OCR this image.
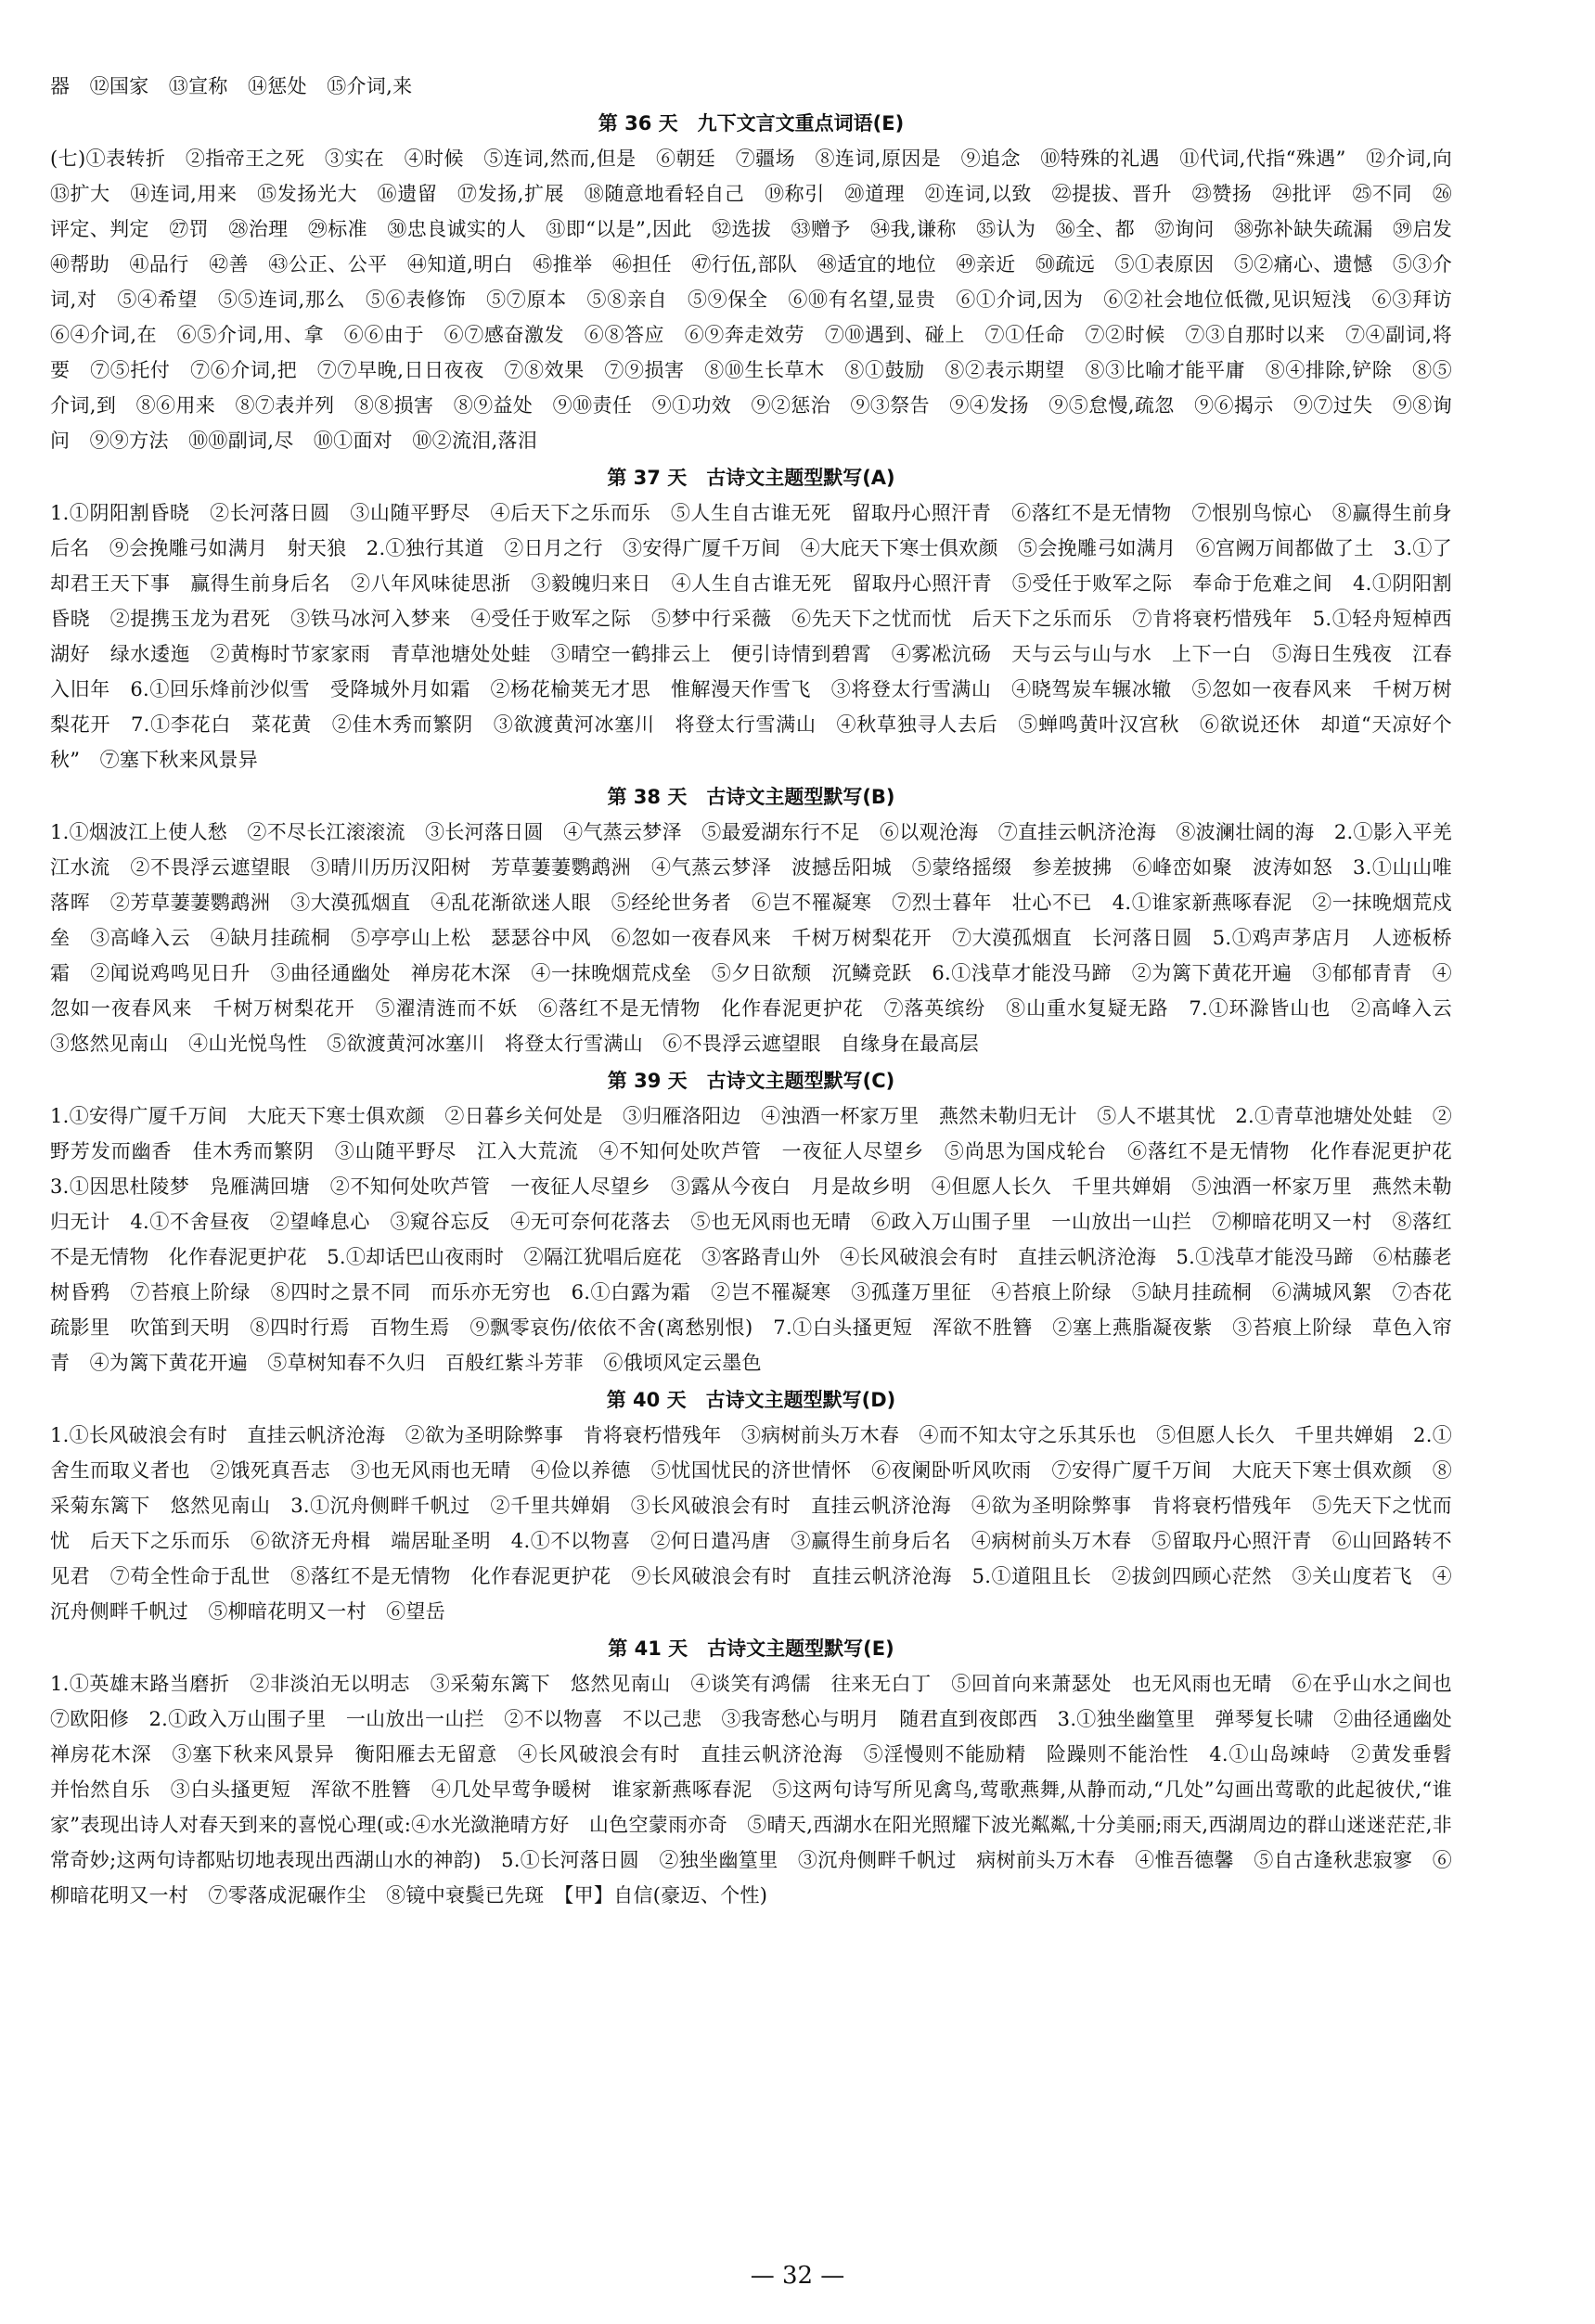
器　⑫国家　⑬宣称　⑭惩处　⑮介词,来

第 36 天　九下文言文重点词语(E)

(七)①表转折　②指帝王之死　③实在　④时候　⑤连词,然而,但是　⑥朝廷　⑦疆场　⑧连词,原因是　⑨追念　⑩特殊的礼遇　⑪代词,代指“殊遇”　⑫介词,向　⑬扩大　⑭连词,用来　⑮发扬光大　⑯遗留　⑰发扬,扩展　⑱随意地看轻自己　⑲称引　⑳道理　㉑连词,以致　㉒提拔、晋升　㉓赞扬　㉔批评　㉕不同　㉖评定、判定　㉗罚　㉘治理　㉙标准　㉚忠良诚实的人　㉛即“以是”,因此　㉜选拔　㉝赠予　㉞我,谦称　㉟认为　㊱全、都　㊲询问　㊳弥补缺失疏漏　㊴启发　㊵帮助　㊶品行　㊷善　㊸公正、公平　㊹知道,明白　㊺推举　㊻担任　㊼行伍,部队　㊽适宜的地位　㊾亲近　㊿疏远　⑤①表原因　⑤②痛心、遗憾　⑤③介词,对　⑤④希望　⑤⑤连词,那么　⑤⑥表修饰　⑤⑦原本　⑤⑧亲自　⑤⑨保全　⑥⑩有名望,显贵　⑥①介词,因为　⑥②社会地位低微,见识短浅　⑥③拜访　⑥④介词,在　⑥⑤介词,用、拿　⑥⑥由于　⑥⑦感奋激发　⑥⑧答应　⑥⑨奔走效劳　⑦⑩遇到、碰上　⑦①任命　⑦②时候　⑦③自那时以来　⑦④副词,将要　⑦⑤托付　⑦⑥介词,把　⑦⑦早晚,日日夜夜　⑦⑧效果　⑦⑨损害　⑧⑩生长草木　⑧①鼓励　⑧②表示期望　⑧③比喻才能平庸　⑧④排除,铲除　⑧⑤介词,到　⑧⑥用来　⑧⑦表并列　⑧⑧损害　⑧⑨益处　⑨⑩责任　⑨①功效　⑨②惩治　⑨③祭告　⑨④发扬　⑨⑤怠慢,疏忽　⑨⑥揭示　⑨⑦过失　⑨⑧询问　⑨⑨方法　⑩⑩副词,尽　⑩①面对　⑩②流泪,落泪

第 37 天　古诗文主题型默写(A)

1.①阴阳割昏晓　②长河落日圆　③山随平野尽　④后天下之乐而乐　⑤人生自古谁无死　留取丹心照汗青　⑥落红不是无情物　⑦恨别鸟惊心　⑧赢得生前身后名　⑨会挽雕弓如满月　射天狼　2.①独行其道　②日月之行　③安得广厦千万间　④大庇天下寒士俱欢颜　⑤会挽雕弓如满月　⑥宫阙万间都做了土　3.①了却君王天下事　赢得生前身后名　②八年风味徒思浙　③毅魄归来日　④人生自古谁无死　留取丹心照汗青　⑤受任于败军之际　奉命于危难之间　4.①阴阳割昏晓　②提携玉龙为君死　③铁马冰河入梦来　④受任于败军之际　⑤梦中行采薇　⑥先天下之忧而忧　后天下之乐而乐　⑦肯将衰朽惜残年　5.①轻舟短棹西湖好　绿水逶迤　②黄梅时节家家雨　青草池塘处处蛙　③晴空一鹤排云上　便引诗情到碧霄　④雾凇沆砀　天与云与山与水　上下一白　⑤海日生残夜　江春入旧年　6.①回乐烽前沙似雪　受降城外月如霜　②杨花榆荚无才思　惟解漫天作雪飞　③将登太行雪满山　④晓驾炭车辗冰辙　⑤忽如一夜春风来　千树万树梨花开　7.①李花白　菜花黄　②佳木秀而繁阴　③欲渡黄河冰塞川　将登太行雪满山　④秋草独寻人去后　⑤蝉鸣黄叶汉宫秋　⑥欲说还休　却道“天凉好个秋”　⑦塞下秋来风景异

第 38 天　古诗文主题型默写(B)

1.①烟波江上使人愁　②不尽长江滚滚流　③长河落日圆　④气蒸云梦泽　⑤最爱湖东行不足　⑥以观沧海　⑦直挂云帆济沧海　⑧波澜壮阔的海　2.①影入平羌江水流　②不畏浮云遮望眼　③晴川历历汉阳树　芳草萋萋鹦鹉洲　④气蒸云梦泽　波撼岳阳城　⑤蒙络摇缀　参差披拂　⑥峰峦如聚　波涛如怒　3.①山山唯落晖　②芳草萋萋鹦鹉洲　③大漠孤烟直　④乱花渐欲迷人眼　⑤经纶世务者　⑥岂不罹凝寒　⑦烈士暮年　壮心不已　4.①谁家新燕啄春泥　②一抹晚烟荒戍垒　③高峰入云　④缺月挂疏桐　⑤亭亭山上松　瑟瑟谷中风　⑥忽如一夜春风来　千树万树梨花开　⑦大漠孤烟直　长河落日圆　5.①鸡声茅店月　人迹板桥霜　②闻说鸡鸣见日升　③曲径通幽处　禅房花木深　④一抹晚烟荒戍垒　⑤夕日欲颓　沉鳞竞跃　6.①浅草才能没马蹄　②为篱下黄花开遍　③郁郁青青　④忽如一夜春风来　千树万树梨花开　⑤濯清涟而不妖　⑥落红不是无情物　化作春泥更护花　⑦落英缤纷　⑧山重水复疑无路　7.①环滁皆山也　②高峰入云　③悠然见南山　④山光悦鸟性　⑤欲渡黄河冰塞川　将登太行雪满山　⑥不畏浮云遮望眼　自缘身在最高层

第 39 天　古诗文主题型默写(C)

1.①安得广厦千万间　大庇天下寒士俱欢颜　②日暮乡关何处是　③归雁洛阳边　④浊酒一杯家万里　燕然未勒归无计　⑤人不堪其忧　2.①青草池塘处处蛙　②野芳发而幽香　佳木秀而繁阴　③山随平野尽　江入大荒流　④不知何处吹芦管　一夜征人尽望乡　⑤尚思为国戍轮台　⑥落红不是无情物　化作春泥更护花　3.①因思杜陵梦　凫雁满回塘　②不知何处吹芦管　一夜征人尽望乡　③露从今夜白　月是故乡明　④但愿人长久　千里共婵娟　⑤浊酒一杯家万里　燕然未勒归无计　4.①不舍昼夜　②望峰息心　③窥谷忘反　④无可奈何花落去　⑤也无风雨也无晴　⑥政入万山围子里　一山放出一山拦　⑦柳暗花明又一村　⑧落红不是无情物　化作春泥更护花　5.①却话巴山夜雨时　②隔江犹唱后庭花　③客路青山外　④长风破浪会有时　直挂云帆济沧海　5.①浅草才能没马蹄　⑥枯藤老树昏鸦　⑦苔痕上阶绿　⑧四时之景不同　而乐亦无穷也　6.①白露为霜　②岂不罹凝寒　③孤蓬万里征　④苔痕上阶绿　⑤缺月挂疏桐　⑥满城风絮　⑦杏花疏影里　吹笛到天明　⑧四时行焉　百物生焉　⑨飘零哀伤/依依不舍(离愁别恨)　7.①白头搔更短　浑欲不胜簪　②塞上燕脂凝夜紫　③苔痕上阶绿　草色入帘青　④为篱下黄花开遍　⑤草树知春不久归　百般红紫斗芳菲　⑥俄顷风定云墨色

第 40 天　古诗文主题型默写(D)

1.①长风破浪会有时　直挂云帆济沧海　②欲为圣明除弊事　肯将衰朽惜残年　③病树前头万木春　④而不知太守之乐其乐也　⑤但愿人长久　千里共婵娟　2.①舍生而取义者也　②饿死真吾志　③也无风雨也无晴　④俭以养德　⑤忧国忧民的济世情怀　⑥夜阑卧听风吹雨　⑦安得广厦千万间　大庇天下寒士俱欢颜　⑧采菊东篱下　悠然见南山　3.①沉舟侧畔千帆过　②千里共婵娟　③长风破浪会有时　直挂云帆济沧海　④欲为圣明除弊事　肯将衰朽惜残年　⑤先天下之忧而忧　后天下之乐而乐　⑥欲济无舟楫　端居耻圣明　4.①不以物喜　②何日遣冯唐　③赢得生前身后名　④病树前头万木春　⑤留取丹心照汗青　⑥山回路转不见君　⑦苟全性命于乱世　⑧落红不是无情物　化作春泥更护花　⑨长风破浪会有时　直挂云帆济沧海　5.①道阻且长　②拔剑四顾心茫然　③关山度若飞　④沉舟侧畔千帆过　⑤柳暗花明又一村　⑥望岳

第 41 天　古诗文主题型默写(E)

1.①英雄末路当磨折　②非淡泊无以明志　③采菊东篱下　悠然见南山　④谈笑有鸿儒　往来无白丁　⑤回首向来萧瑟处　也无风雨也无晴　⑥在乎山水之间也　⑦欧阳修　2.①政入万山围子里　一山放出一山拦　②不以物喜　不以己悲　③我寄愁心与明月　随君直到夜郎西　3.①独坐幽篁里　弹琴复长啸　②曲径通幽处　禅房花木深　③塞下秋来风景异　衡阳雁去无留意　④长风破浪会有时　直挂云帆济沧海　⑤淫慢则不能励精　险躁则不能治性　4.①山岛竦峙　②黄发垂髫　并怡然自乐　③白头搔更短　浑欲不胜簪　④几处早莺争暖树　谁家新燕啄春泥　⑤这两句诗写所见禽鸟,莺歌燕舞,从静而动,“几处”勾画出莺歌的此起彼伏,“谁家”表现出诗人对春天到来的喜悦心理(或:④水光潋滟晴方好　山色空蒙雨亦奇　⑤晴天,西湖水在阳光照耀下波光粼粼,十分美丽;雨天,西湖周边的群山迷迷茫茫,非常奇妙;这两句诗都贴切地表现出西湖山水的神韵)　5.①长河落日圆　②独坐幽篁里　③沉舟侧畔千帆过　病树前头万木春　④惟吾德馨　⑤自古逢秋悲寂寥　⑥柳暗花明又一村　⑦零落成泥碾作尘　⑧镜中衰鬓已先斑　【甲】自信(豪迈、个性)

— 32 —
